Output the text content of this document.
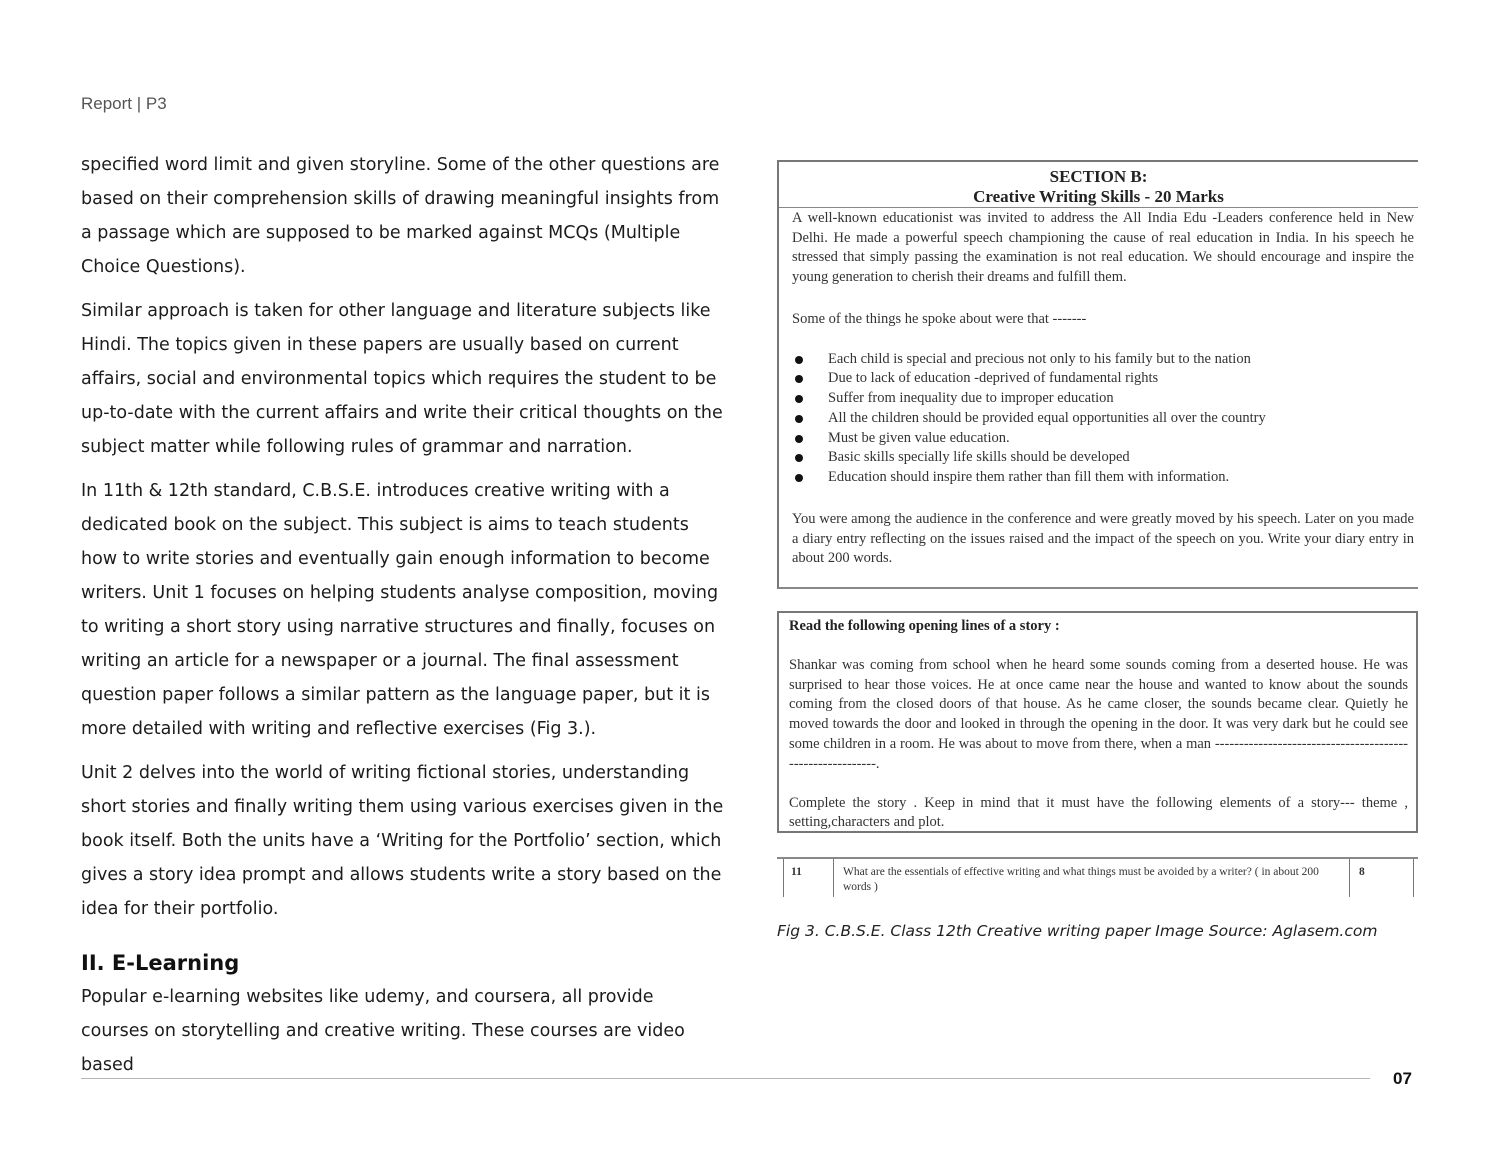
Report | P3

specified word limit and given storyline. Some of the other questions are based on their comprehension skills of drawing meaningful insights from a passage which are supposed to be marked against MCQs (Multiple Choice Questions).

Similar approach is taken for other language and literature subjects like Hindi. The topics given in these papers are usually based on current affairs, social and environmental topics which requires the student to be up-to-date with the current affairs and write their critical thoughts on the subject matter while following rules of grammar and narration.

In 11th & 12th standard, C.B.S.E. introduces creative writing with a dedicated book on the subject. This subject is aims to teach students how to write stories and eventually gain enough information to become writers. Unit 1 focuses on helping students analyse composition, moving to writing a short story using narrative structures and finally, focuses on writing an article for a newspaper or a journal. The final assessment question paper follows a similar pattern as the language paper, but it is more detailed with writing and reflective exercises (Fig 3.).

Unit 2 delves into the world of writing fictional stories, understanding short stories and finally writing them using various exercises given in the book itself. Both the units have a ‘Writing for the Portfolio’ section, which gives a story idea prompt and allows students write a story based on the idea for their portfolio.

II. E-Learning

Popular e-learning websites like udemy, and coursera, all provide courses on storytelling and creative writing. These courses are video based

SECTION B:
Creative Writing Skills - 20 Marks
A well-known educationist was invited to address the All India Edu -Leaders conference held in New Delhi. He made a powerful speech championing the cause of real education in India. In his speech he stressed that simply passing the examination is not real education. We should encourage and inspire the young generation to cherish their dreams and fulfill them.
Some of the things he spoke about were that -------
Each child is special and precious not only to his family but to the nation
Due to lack of education -deprived of fundamental rights
Suffer from inequality due to improper education
All the children should be provided equal opportunities all over the country
Must be given value education.
Basic skills specially life skills should be developed
Education should inspire them rather than fill them with information.
You were among the audience in the conference and were greatly moved by his speech. Later on you made a diary entry reflecting on the issues raised and the impact of the speech on you. Write your diary entry in about 200 words.
Read the following opening lines of a story :
Shankar was coming from school when he heard some sounds coming from a deserted house. He was surprised to hear those voices. He at once came near the house and wanted to know about the sounds coming from the closed doors of that house. As he came closer, the sounds became clear. Quietly he moved towards the door and looked in through the opening in the door. It was very dark but he could see some children in a room. He was about to move from there, when a man ----------------------------------------------------------.
Complete the story . Keep in mind that it must have the following elements of a story--- theme , setting,characters and plot.
11	What are the essentials of effective writing and what things must be avoided by a writer? ( in about 200 words )
8
Fig 3. C.B.S.E. Class 12th Creative writing paper Image Source: Aglasem.com
07
